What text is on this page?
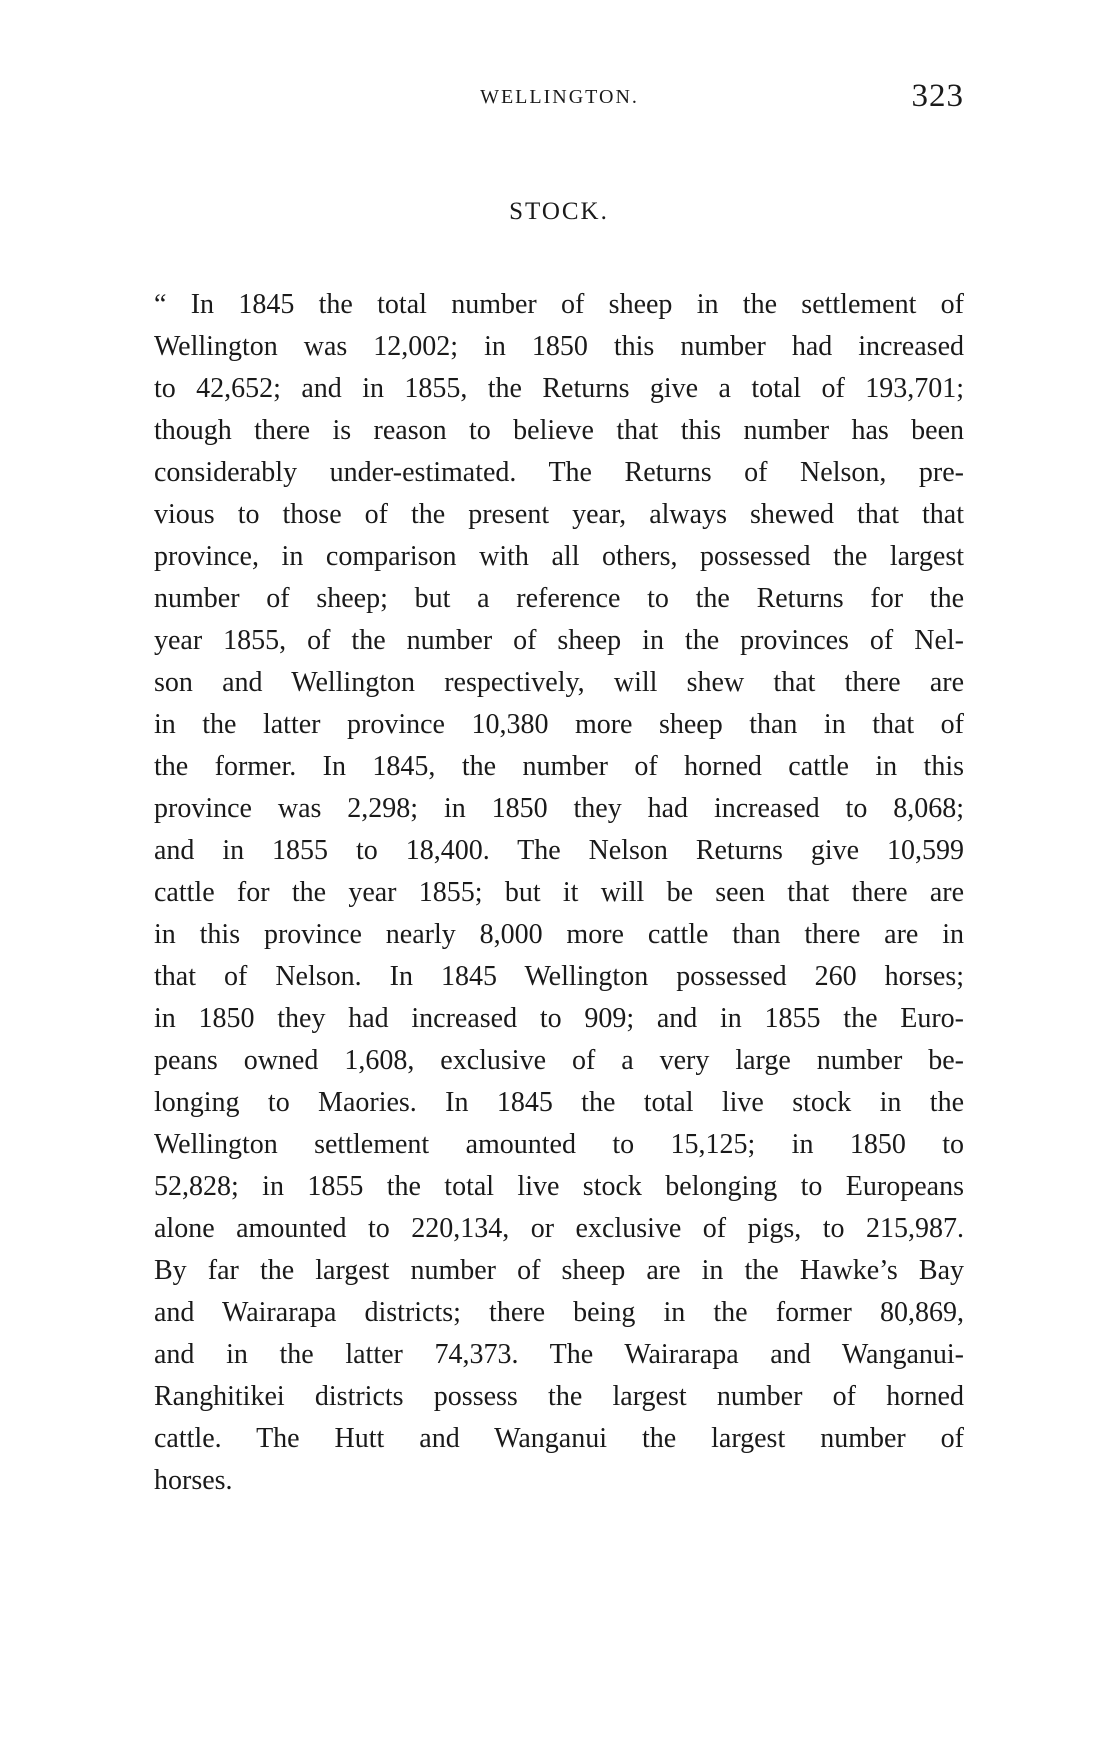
WELLINGTON.	323
STOCK.

“ In 1845 the total number of sheep in the settlement of
Wellington was 12,002; in 1850 this number had increased
to 42,652; and in 1855, the Returns give a total of 193,701;
though there is reason to believe that this number has been
considerably under-estimated. The Returns of Nelson, pre-
vious to those of the present year, always shewed that that
province, in comparison with all others, possessed the largest
number of sheep; but a reference to the Returns for the
year 1855, of the number of sheep in the provinces of Nel-
son and Wellington respectively, will shew that there are
in the latter province 10,380 more sheep than in that of
the former. In 1845, the number of horned cattle in this
province was 2,298; in 1850 they had increased to 8,068;
and in 1855 to 18,400. The Nelson Returns give 10,599
cattle for the year 1855; but it will be seen that there are
in this province nearly 8,000 more cattle than there are in
that of Nelson. In 1845 Wellington possessed 260 horses;
in 1850 they had increased to 909; and in 1855 the Euro-
peans owned 1,608, exclusive of a very large number be-
longing to Maories. In 1845 the total live stock in the
Wellington settlement amounted to 15,125; in 1850 to
52,828; in 1855 the total live stock belonging to Europeans
alone amounted to 220,134, or exclusive of pigs, to 215,987.
By far the largest number of sheep are in the Hawke’s Bay
and Wairarapa districts; there being in the former 80,869,
and in the latter 74,373. The Wairarapa and Wanganui-
Ranghitikei districts possess the largest number of horned
cattle. The Hutt and Wanganui the largest number of
horses.
